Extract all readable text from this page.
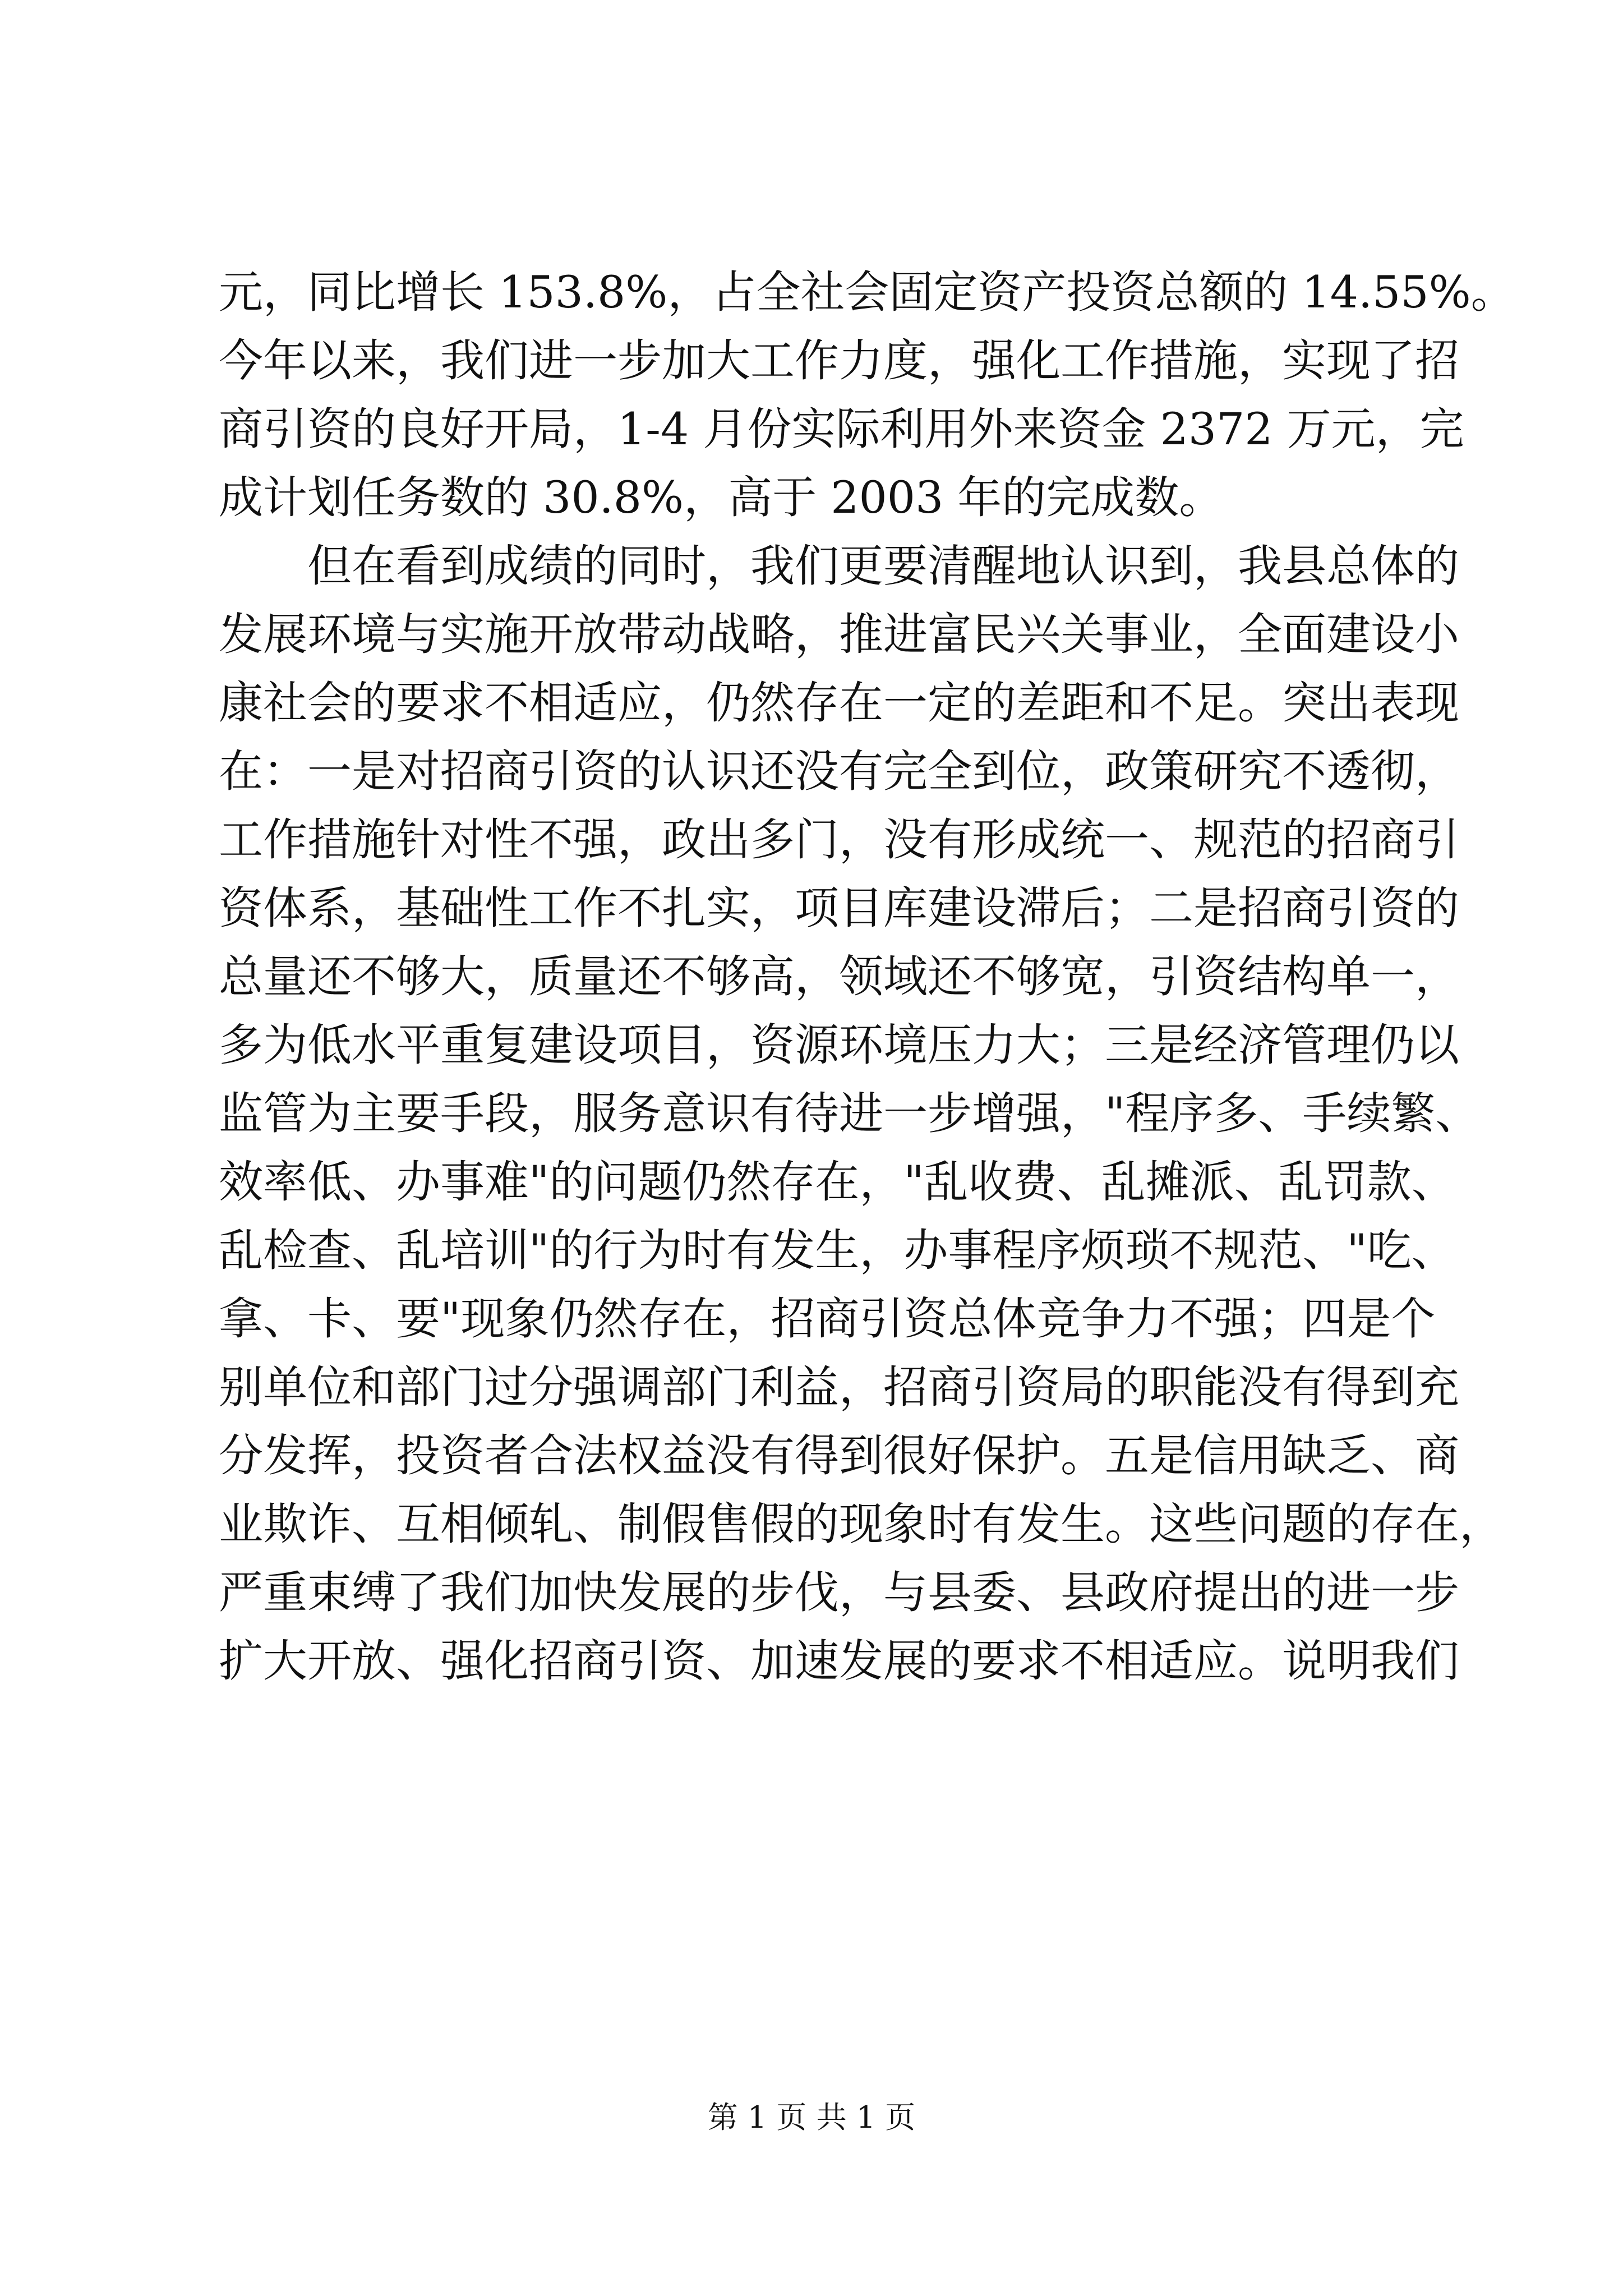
元，同比增长 153.8%，占全社会固定资产投资总额的 14.55%。
今年以来，我们进一步加大工作力度，强化工作措施，实现了招
商引资的良好开局，1-4 月份实际利用外来资金 2372 万元，完
成计划任务数的 30.8%，高于 2003 年的完成数。
　　但在看到成绩的同时，我们更要清醒地认识到，我县总体的
发展环境与实施开放带动战略，推进富民兴关事业，全面建设小
康社会的要求不相适应，仍然存在一定的差距和不足。突出表现
在：一是对招商引资的认识还没有完全到位，政策研究不透彻，
工作措施针对性不强，政出多门，没有形成统一、规范的招商引
资体系，基础性工作不扎实，项目库建设滞后；二是招商引资的
总量还不够大，质量还不够高，领域还不够宽，引资结构单一，
多为低水平重复建设项目，资源环境压力大；三是经济管理仍以
监管为主要手段，服务意识有待进一步增强，"程序多、手续繁、
效率低、办事难"的问题仍然存在，"乱收费、乱摊派、乱罚款、
乱检查、乱培训"的行为时有发生，办事程序烦琐不规范、"吃、
拿、卡、要"现象仍然存在，招商引资总体竞争力不强；四是个
别单位和部门过分强调部门利益，招商引资局的职能没有得到充
分发挥，投资者合法权益没有得到很好保护。五是信用缺乏、商
业欺诈、互相倾轧、制假售假的现象时有发生。这些问题的存在，
严重束缚了我们加快发展的步伐，与县委、县政府提出的进一步
扩大开放、强化招商引资、加速发展的要求不相适应。说明我们
第 1 页 共 1 页
